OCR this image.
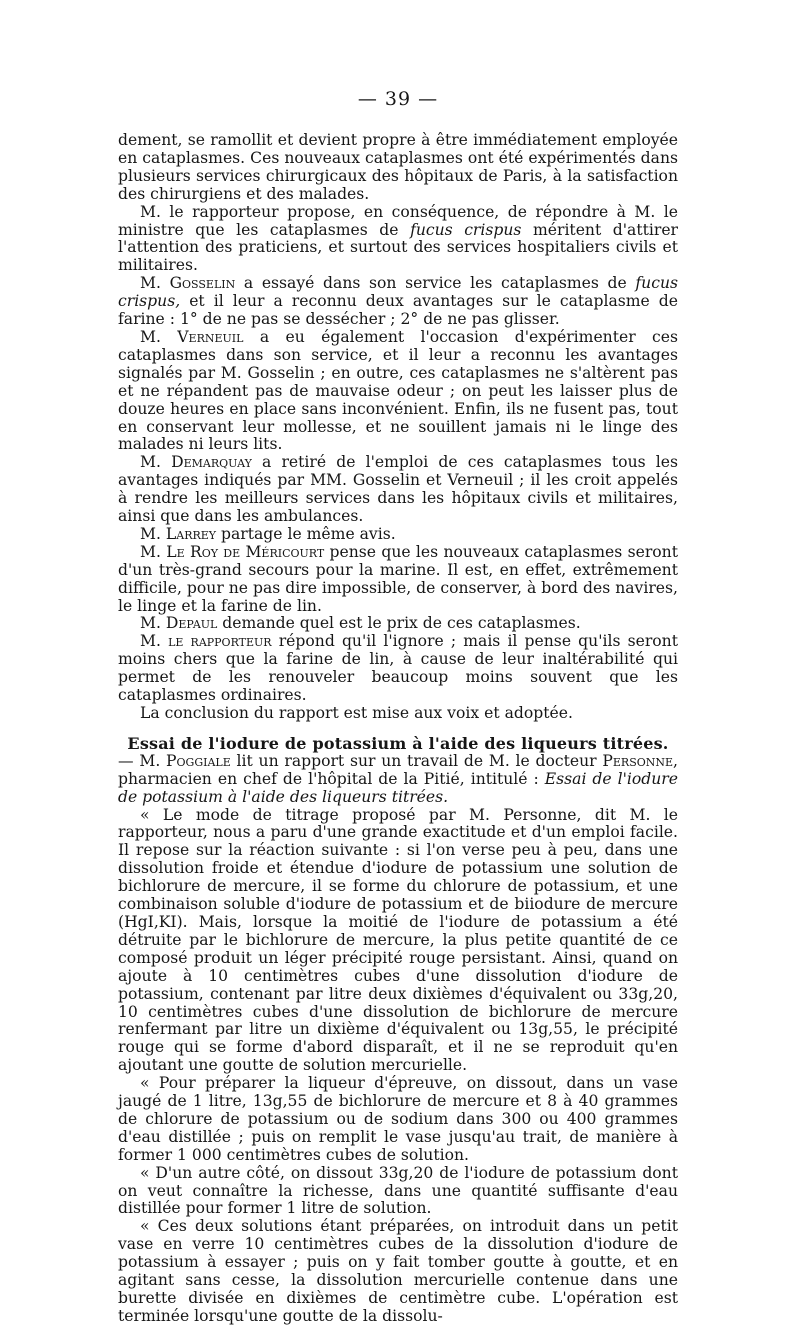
— 39 —

dement, se ramollit et devient propre à être immédiatement employée en cataplasmes. Ces nouveaux cataplasmes ont été expérimentés dans plusieurs services chirurgicaux des hôpitaux de Paris, à la satisfaction des chirurgiens et des malades.

M. le rapporteur propose, en conséquence, de répondre à M. le ministre que les cataplasmes de fucus crispus méritent d'attirer l'attention des praticiens, et surtout des services hospitaliers civils et militaires.

M. Gosselin a essayé dans son service les cataplasmes de fucus crispus, et il leur a reconnu deux avantages sur le cataplasme de farine : 1° de ne pas se dessécher ; 2° de ne pas glisser.

M. Verneuil a eu également l'occasion d'expérimenter ces cataplasmes dans son service, et il leur a reconnu les avantages signalés par M. Gosselin ; en outre, ces cataplasmes ne s'altèrent pas et ne répandent pas de mauvaise odeur ; on peut les laisser plus de douze heures en place sans inconvénient. Enfin, ils ne fusent pas, tout en conservant leur mollesse, et ne souillent jamais ni le linge des malades ni leurs lits.

M. Demarquay a retiré de l'emploi de ces cataplasmes tous les avantages indiqués par MM. Gosselin et Verneuil ; il les croit appelés à rendre les meilleurs services dans les hôpitaux civils et militaires, ainsi que dans les ambulances.

M. Larrey partage le même avis.

M. Le Roy de Méricourt pense que les nouveaux cataplasmes seront d'un très-grand secours pour la marine. Il est, en effet, extrêmement difficile, pour ne pas dire impossible, de conserver, à bord des navires, le linge et la farine de lin.

M. Depaul demande quel est le prix de ces cataplasmes.

M. le rapporteur répond qu'il l'ignore ; mais il pense qu'ils seront moins chers que la farine de lin, à cause de leur inaltérabilité qui permet de les renouveler beaucoup moins souvent que les cataplasmes ordinaires.

La conclusion du rapport est mise aux voix et adoptée.

Essai de l'iodure de potassium à l'aide des liqueurs titrées.

— M. Poggiale lit un rapport sur un travail de M. le docteur Personne, pharmacien en chef de l'hôpital de la Pitié, intitulé : Essai de l'iodure de potassium à l'aide des liqueurs titrées.

« Le mode de titrage proposé par M. Personne, dit M. le rapporteur, nous a paru d'une grande exactitude et d'un emploi facile. Il repose sur la réaction suivante : si l'on verse peu à peu, dans une dissolution froide et étendue d'iodure de potassium une solution de bichlorure de mercure, il se forme du chlorure de potassium, et une combinaison soluble d'iodure de potassium et de biiodure de mercure (HgI,KI). Mais, lorsque la moitié de l'iodure de potassium a été détruite par le bichlorure de mercure, la plus petite quantité de ce composé produit un léger précipité rouge persistant. Ainsi, quand on ajoute à 10 centimètres cubes d'une dissolution d'iodure de potassium, contenant par litre deux dixièmes d'équivalent ou 33g,20, 10 centimètres cubes d'une dissolution de bichlorure de mercure renfermant par litre un dixième d'équivalent ou 13g,55, le précipité rouge qui se forme d'abord disparaît, et il ne se reproduit qu'en ajoutant une goutte de solution mercurielle.

« Pour préparer la liqueur d'épreuve, on dissout, dans un vase jaugé de 1 litre, 13g,55 de bichlorure de mercure et 8 à 40 grammes de chlorure de potassium ou de sodium dans 300 ou 400 grammes d'eau distillée ; puis on remplit le vase jusqu'au trait, de manière à former 1 000 centimètres cubes de solution.

« D'un autre côté, on dissout 33g,20 de l'iodure de potassium dont on veut connaître la richesse, dans une quantité suffisante d'eau distillée pour former 1 litre de solution.

« Ces deux solutions étant préparées, on introduit dans un petit vase en verre 10 centimètres cubes de la dissolution d'iodure de potassium à essayer ; puis on y fait tomber goutte à goutte, et en agitant sans cesse, la dissolution mercurielle contenue dans une burette divisée en dixièmes de centimètre cube. L'opération est terminée lorsqu'une goutte de la dissolu-
